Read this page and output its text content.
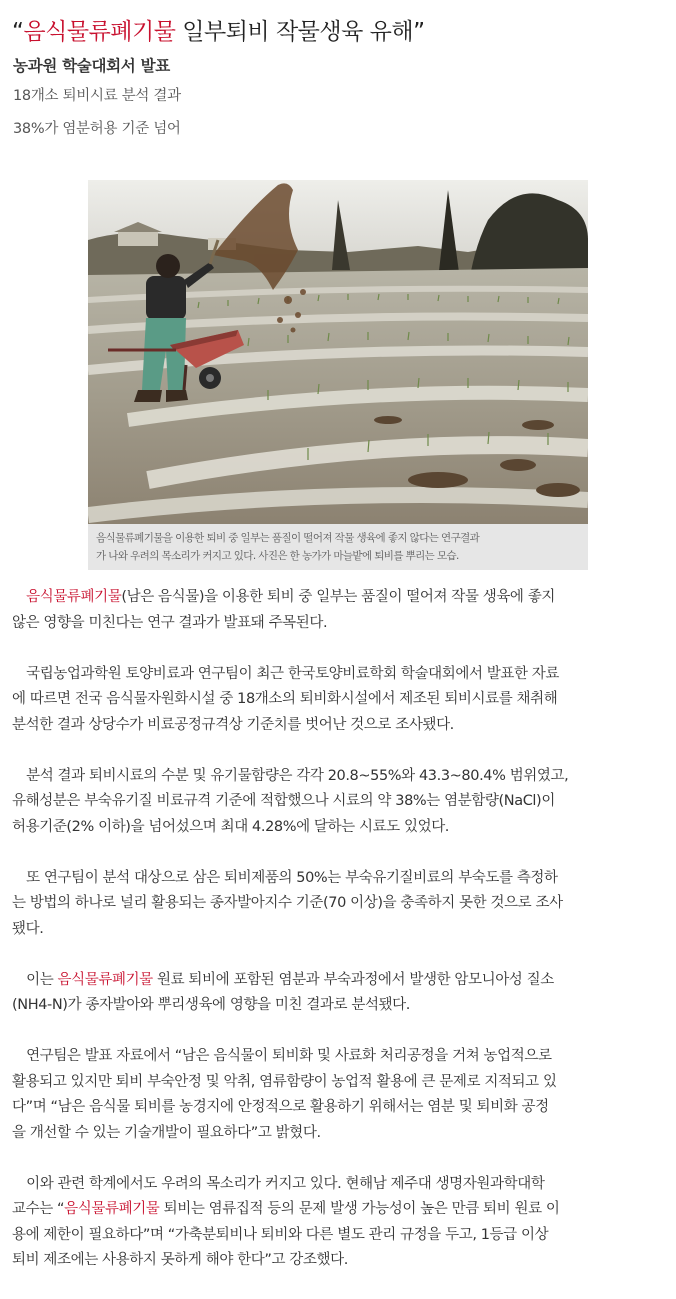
“음식물류폐기물 일부퇴비 작물생육 유해”
농과원 학술대회서 발표
18개소 퇴비시료 분석 결과
38%가 염분허용 기준 넘어
음식물류폐기물을 이용한 퇴비 중 일부는 품질이 떨어져 작물 생육에 좋지 않다는 연구결과
가 나와 우려의 목소리가 커지고 있다. 사진은 한 농가가 마늘밭에 퇴비를 뿌리는 모습.

　음식물류폐기물(남은 음식물)을 이용한 퇴비 중 일부는 품질이 떨어져 작물 생육에 좋지
않은 영향을 미친다는 연구 결과가 발표돼 주목된다.

　국립농업과학원 토양비료과 연구팀이 최근 한국토양비료학회 학술대회에서 발표한 자료
에 따르면 전국 음식물자원화시설 중 18개소의 퇴비화시설에서 제조된 퇴비시료를 채취해
분석한 결과 상당수가 비료공정규격상 기준치를 벗어난 것으로 조사됐다.

　분석 결과 퇴비시료의 수분 및 유기물함량은 각각 20.8~55%와 43.3~80.4% 범위였고,
유해성분은 부숙유기질 비료규격 기준에 적합했으나 시료의 약 38%는 염분함량(NaCl)이
허용기준(2% 이하)을 넘어섰으며 최대 4.28%에 달하는 시료도 있었다.

　또 연구팀이 분석 대상으로 삼은 퇴비제품의 50%는 부숙유기질비료의 부숙도를 측정하
는 방법의 하나로 널리 활용되는 종자발아지수 기준(70 이상)을 충족하지 못한 것으로 조사
됐다.

　이는 음식물류폐기물 원료 퇴비에 포함된 염분과 부숙과정에서 발생한 암모니아성 질소
(NH4-N)가 종자발아와 뿌리생육에 영향을 미친 결과로 분석됐다.

　연구팀은 발표 자료에서 “남은 음식물이 퇴비화 및 사료화 처리공정을 거쳐 농업적으로
활용되고 있지만 퇴비 부숙안정 및 악취, 염류함량이 농업적 활용에 큰 문제로 지적되고 있
다”며 “남은 음식물 퇴비를 농경지에 안정적으로 활용하기 위해서는 염분 및 퇴비화 공정
을 개선할 수 있는 기술개발이 필요하다”고 밝혔다.

　이와 관련 학계에서도 우려의 목소리가 커지고 있다. 현해남 제주대 생명자원과학대학
교수는 “음식물류폐기물 퇴비는 염류집적 등의 문제 발생 가능성이 높은 만큼 퇴비 원료 이
용에 제한이 필요하다”며 “가축분퇴비나 퇴비와 다른 별도 관리 규정을 두고, 1등급 이상
퇴비 제조에는 사용하지 못하게 해야 한다”고 강조했다.
